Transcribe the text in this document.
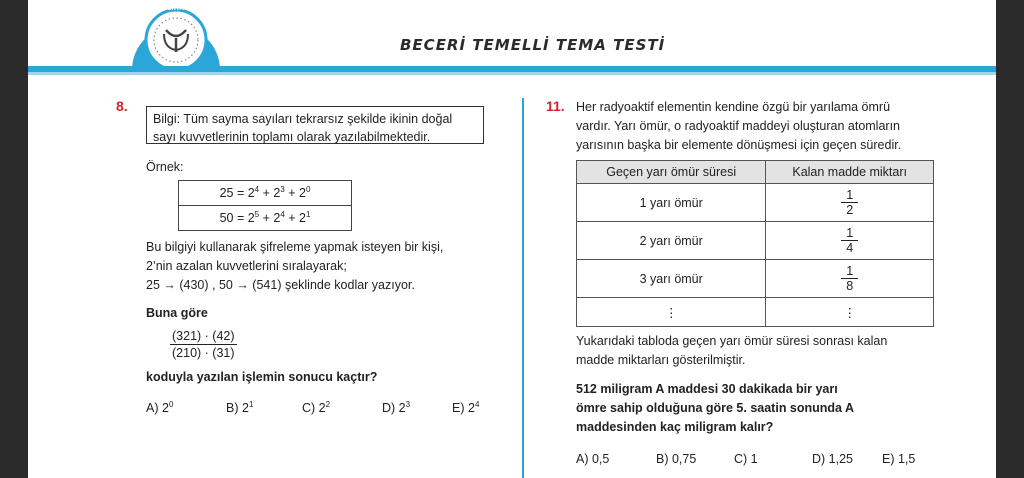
ORTA
BECERİ TEMELLİ TEMA TESTİ
8.
Bilgi: Tüm sayma sayıları tekrarsız şekilde ikinin doğal
sayı kuvvetlerinin toplamı olarak yazılabilmektedir.
Örnek:
$25 = 2^4 + 2^3 + 2^0$
$50 = 2^5 + 2^4 + 2^1$
Bu bilgiyi kullanarak şifreleme yapmak isteyen bir kişi,
2’nin azalan kuvvetlerini sıralayarak;
25 → (430) , 50 → (541) şeklinde kodlar yazıyor.
Buna göre
$\frac{(321) \cdot (42)}{(210) \cdot (31)}$
koduyla yazılan işlemin sonucu kaçtır?
A) $2^0$	B) $2^1$	C) $2^2$	D) $2^3$	E) $2^4$
11. Her radyoaktif elementin kendine özgü bir yarılama ömrü
vardır. Yarı ömür, o radyoaktif maddeyi oluşturan atomların
yarısının başka bir elemente dönüşmesi için geçen süredir.
Geçen yarı ömür süresi	Kalan madde miktarı
1 yarı ömür	$\frac{1}{2}$

2 yarı ömür	$\frac{1}{4}$

3 yarı ömür	$\frac{1}{8}$

⋮	⋮
Yukarıdaki tabloda geçen yarı ömür süresi sonrası kalan
madde miktarları gösterilmiştir.
512 miligram A maddesi 30 dakikada bir yarı
ömre sahip olduğuna göre 5. saatin sonunda A
maddesinden kaç miligram kalır?
A) 0,5	B) 0,75	C) 1	D) 1,25 E) 1,5
